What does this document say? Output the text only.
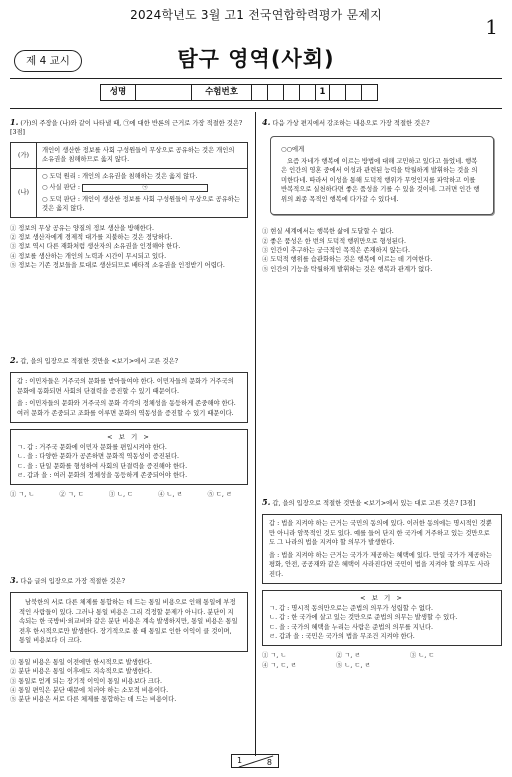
2024학년도 3월 고1 전국연합학력평가 문제지	1
제 4 교시	탐구 영역(사회)
성명	수험번호	1
1. (가)의 주장을 (나)와 같이 나타낼 때, ㉠에 대한 반론의 근거로 가장 적절한 것은? [3점]
(가)	개인이 생산한 정보를 사회 구성원들이 무상으로 공유하는 것은 개인의 소유권을 침해하므로 옳지 않다.
(나)	○ 도덕 원리 : 개인의 소유권을 침해하는 것은 옳지 않다.
○ 사실 판단 : ㉠
○ 도덕 판단 : 개인이 생산한 정보를 사회 구성원들이 무상으로 공유하는 것은 옳지 않다.
① 정보의 무상 공유는 양질의 정보 생산을 방해한다.
② 정보 생산자에게 경제적 대가를 지불하는 것은 정당하다.
③ 정보 역시 다른 재화처럼 생산자의 소유권을 인정해야 한다.
④ 정보를 생산하는 개인의 노력과 시간이 무시되고 있다.
⑤ 정보는 기존 정보들을 토대로 생산되므로 배타적 소유권을 인정받기 어렵다.
2. 갑, 을의 입장으로 적절한 것만을 <보기>에서 고른 것은?
갑 : 이민자들은 거주국의 문화를 받아들여야 한다. 이민자들의 문화가 거주국의 문화에 동화되면 사회의 단결력을 증진할 수 있기 때문이다.
을 : 이민자들의 문화와 거주국의 문화 각각의 정체성을 동등하게 존중해야 한다. 여러 문화가 존중되고 조화를 이루면 문화의 역동성을 증진할 수 있기 때문이다.
< 보 기 >
ㄱ. 갑 : 거주국 문화에 이민자 문화를 편입시켜야 한다.
ㄴ. 을 : 다양한 문화가 공존하면 문화적 역동성이 증진된다.
ㄷ. 을 : 단일 문화를 형성하여 사회의 단결력을 증진해야 한다.
ㄹ. 갑과 을 : 여러 문화의 정체성을 동등하게 존중되어야 한다.
① ㄱ, ㄴ	② ㄱ, ㄷ	③ ㄴ, ㄷ	④ ㄴ, ㄹ	⑤ ㄷ, ㄹ
3. 다음 글의 입장으로 가장 적절한 것은?
남북한의 서로 다른 체제를 통합하는 데 드는 통일 비용으로 인해 통일에 부정적인 사람들이 있다. 그러나 통일 비용은 그리 걱정할 문제가 아니다. 분단이 지속되는 한 국방비·외교비와 같은 분단 비용은 계속 발생하지만, 통일 비용은 통일 전후 한시적으로만 발생한다. 장기적으로 볼 때 통일로 인한 이익이 클 것이며, 통일 비용보다 더 크다.
① 통일 비용은 통일 이전에만 한시적으로 발생한다.
② 분단 비용은 통일 이후에도 지속적으로 발생한다.
③ 통일로 얻게 되는 장기적 이익이 통일 비용보다 크다.
④ 통일 편익은 분단 때문에 치러야 하는 소모적 비용이다.
⑤ 분단 비용은 서로 다른 체제를 통합하는 데 드는 비용이다.
4. 다음 가상 편지에서 강조하는 내용으로 가장 적절한 것은?
○○에게
요즘 자네가 행복에 이르는 방법에 대해 고민하고 있다고 들었네. 행복은 인간의 영혼 중에서 이성과 관련된 능력을 탁월하게 발휘하는 것을 의미한다네. 따라서 이성을 통해 도덕적 행위가 무엇인지를 파악하고 이를 반복적으로 실천하다면 좋은 품성을 기를 수 있을 것이네. 그러면 인간 행위의 최종 목적인 행복에 다가갈 수 있다네.
① 현실 세계에서는 행복한 삶에 도달할 수 없다.
② 좋은 품성은 한 번의 도덕적 행위만으로 형성된다.
③ 인간이 추구하는 궁극적인 목적은 존재하지 않는다.
④ 도덕적 행위를 습관화하는 것은 행복에 이르는 데 기여한다.
⑤ 인간의 기능을 탁월하게 발휘하는 것은 행복과 관계가 없다.
5. 갑, 을의 입장으로 적절한 것만을 <보기>에서 있는 대로 고른 것은? [3점]
갑 : 법을 지켜야 하는 근거는 국민의 동의에 있다. 이러한 동의에는 명시적인 것뿐만 아니라 암묵적인 것도 있다. 예를 들어 단지 한 국가에 거주하고 있는 것만으로도 그 나라의 법을 지켜야 할 의무가 발생한다.
을 : 법을 지켜야 하는 근거는 국가가 제공하는 혜택에 있다. 만일 국가가 제공하는 평화, 안전, 공공재와 같은 혜택이 사라진다면 국민이 법을 지켜야 할 의무도 사라진다.
< 보 기 >
ㄱ. 갑 : 명시적 동의만으로는 준법의 의무가 성립할 수 없다.
ㄴ. 갑 : 한 국가에 살고 있는 것만으로 준법의 의무는 발생할 수 있다.
ㄷ. 을 : 국가의 혜택을 누리는 사람은 준법의 의무를 지닌다.
ㄹ. 갑과 을 : 국민은 국가의 법을 무조건 지켜야 한다.
① ㄱ, ㄴ	② ㄱ, ㄹ	③ ㄴ, ㄷ
④ ㄱ, ㄷ, ㄹ	⑤ ㄴ, ㄷ, ㄹ
1	8
